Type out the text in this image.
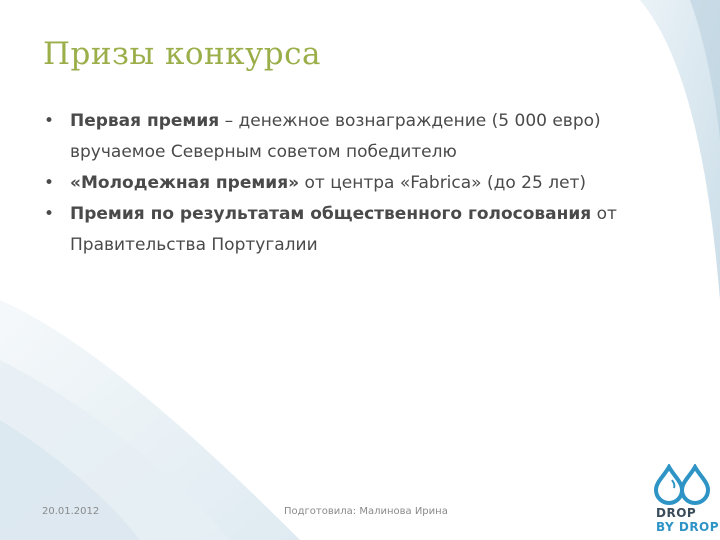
Призы конкурса
• Первая премия – денежное вознаграждение (5 000 евро)
вручаемое Северным советом победителю
• «Молодежная премия» от центра «Fabrica» (до 25 лет)
• Премия по результатам общественного голосования от
Правительства Португалии
20.01.2012	Подготовила: Малинова Ирина	DROP
BY DROP
